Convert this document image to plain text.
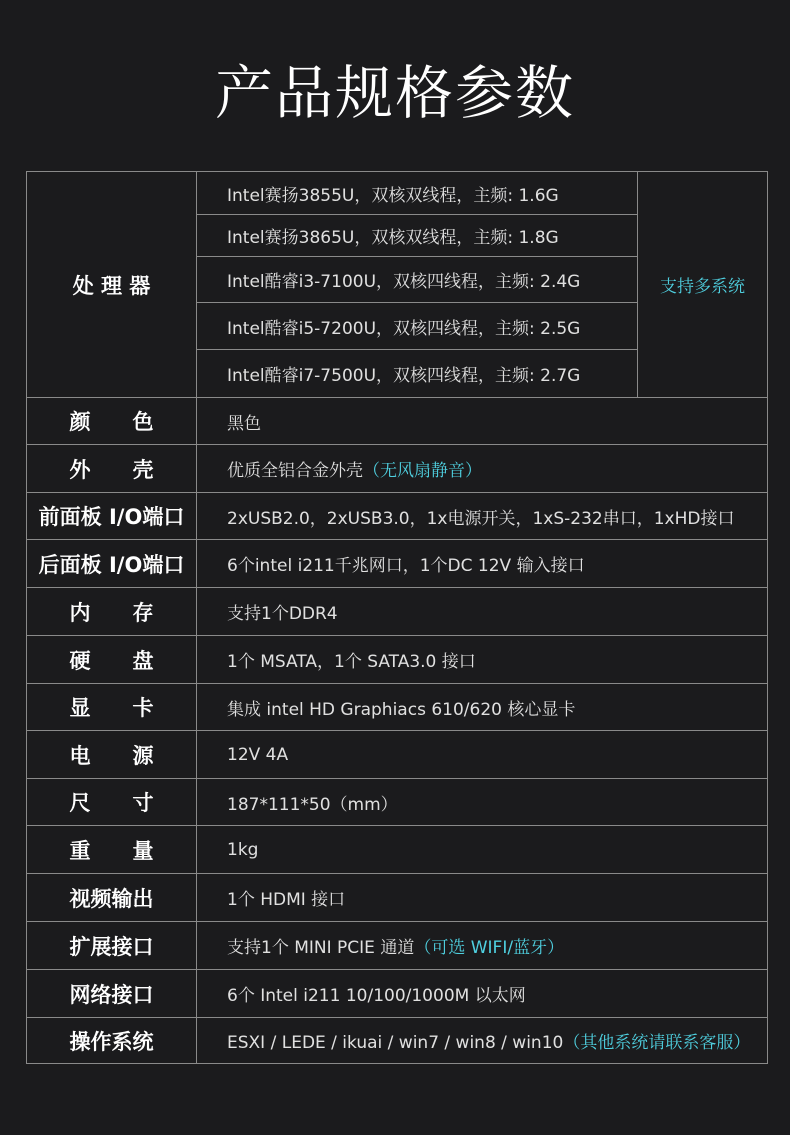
产品规格参数
处 理 器	Intel赛扬3855U，双核双线程，主频: 1.6G	支持多系统
	Intel赛扬3865U，双核双线程，主频: 1.8G	
	Intel酷睿i3-7100U，双核四线程，主频: 2.4G	
	Intel酷睿i5-7200U，双核四线程，主频: 2.5G	
	Intel酷睿i7-7500U，双核四线程，主频: 2.7G	

颜 色	黑色	

外 壳	优质全铝合金外壳（无风扇静音）	
前面板 I/O端口	2xUSB2.0，2xUSB3.0，1x电源开关，1xS-232串口，1xHD接口	
后面板 I/O端口	6个intel i211千兆网口，1个DC 12V 输入接口	

内 存	支持1个DDR4	

硬 盘	1个 MSATA，1个 SATA3.0 接口	

显 卡	集成 intel HD Graphiacs 610/620 核心显卡	

电 源	12V 4A	

尺 寸	187*111*50（mm）	

重 量	1kg	
视频输出	1个 HDMI 接口	
扩展接口	支持1个 MINI PCIE 通道（可选 WIFI/蓝牙）	
网络接口	6个 Intel i211 10/100/1000M 以太网	
操作系统	ESXI / LEDE / ikuai / win7 / win8 / win10（其他系统请联系客服）	
